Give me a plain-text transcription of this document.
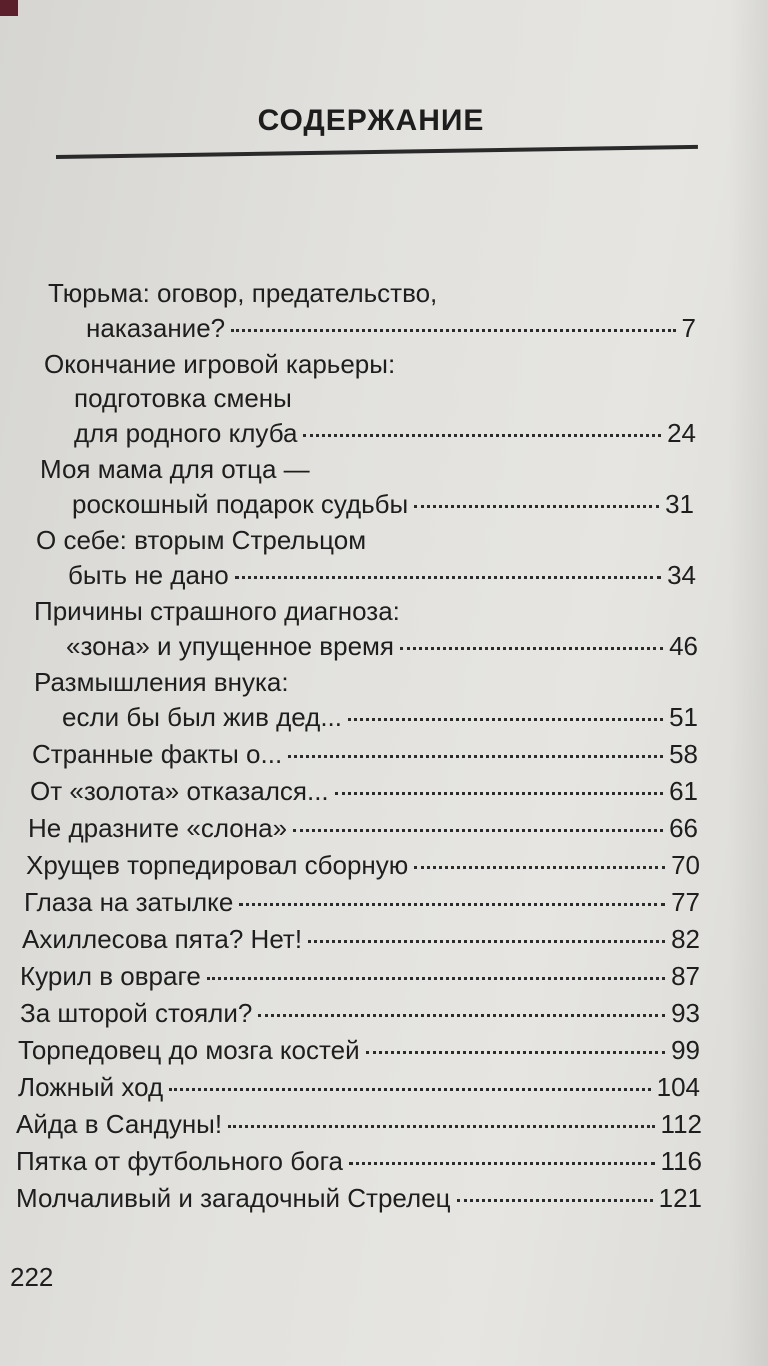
СОДЕРЖАНИЕ
Тюрьма: оговор, предательство,
наказание?	7
Окончание игровой карьеры:
подготовка смены
для родного клуба	24
Моя мама для отца —
роскошный подарок судьбы	31
О себе: вторым Стрельцом
быть не дано	34
Причины страшного диагноза:
«зона» и упущенное время	46
Размышления внука:
если бы был жив дед...	51
Странные факты о...	58
От «золота» отказался...	61
Не дразните «слона»	66
Хрущев торпедировал сборную	70
Глаза на затылке	77
Ахиллесова пята? Нет!	82
Курил в овраге	87
За шторой стояли?	93
Торпедовец до мозга костей	99
Ложный ход	104
Айда в Сандуны!	112
Пятка от футбольного бога	116
Молчаливый и загадочный Стрелец	121
222
